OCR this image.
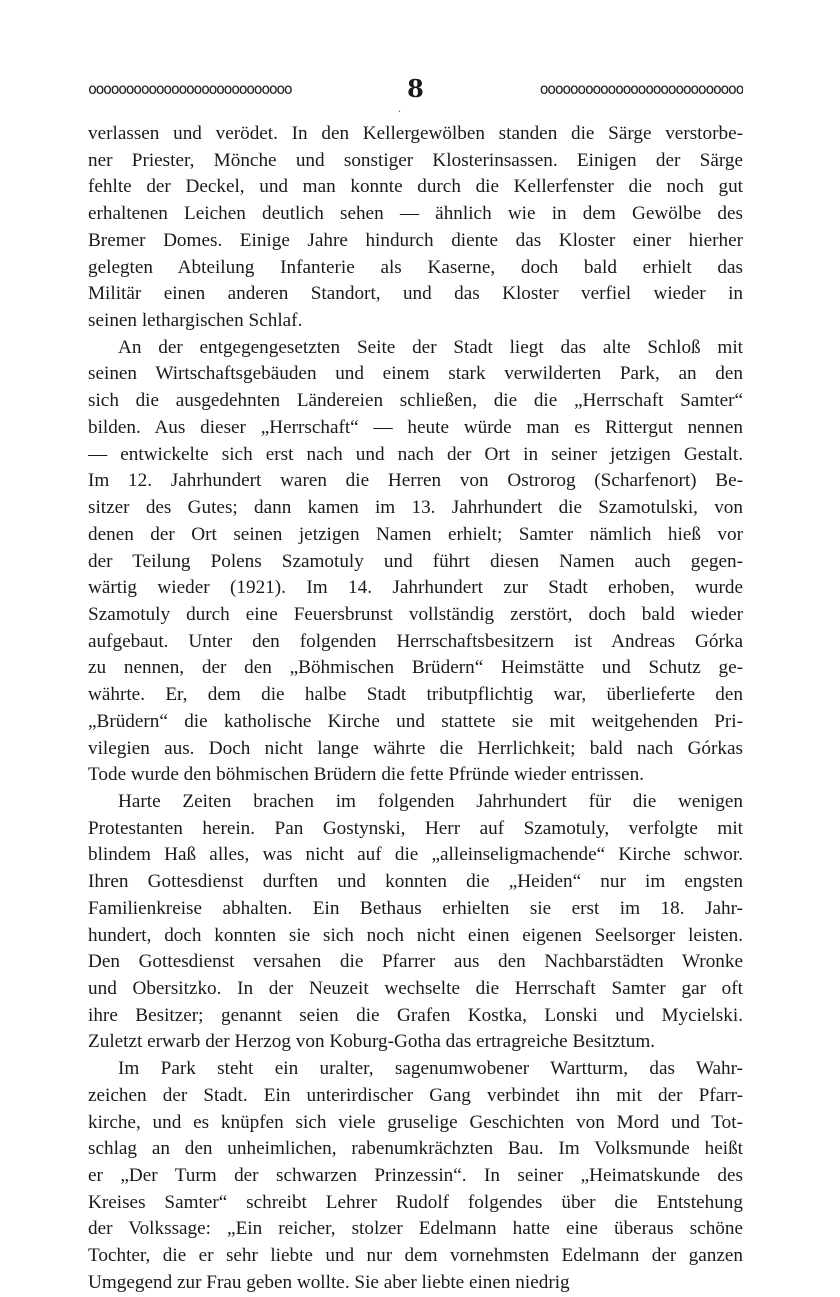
ooooooooooooooooooooooooooo	8	ooooooooooooooooooooooooooo
·
verlassen und verödet. In den Kellergewölben standen die Särge verstorbe-
ner Priester, Mönche und sonstiger Klosterinsassen. Einigen der Särge
fehlte der Deckel, und man konnte durch die Kellerfenster die noch gut
erhaltenen Leichen deutlich sehen — ähnlich wie in dem Gewölbe des
Bremer Domes. Einige Jahre hindurch diente das Kloster einer hierher
gelegten Abteilung Infanterie als Kaserne, doch bald erhielt das
Militär einen anderen Standort, und das Kloster verfiel wieder in
seinen lethargischen Schlaf.
An der entgegengesetzten Seite der Stadt liegt das alte Schloß mit
seinen Wirtschaftsgebäuden und einem stark verwilderten Park, an den
sich die ausgedehnten Ländereien schließen, die die „Herrschaft Samter“
bilden. Aus dieser „Herrschaft“ — heute würde man es Rittergut nennen
— entwickelte sich erst nach und nach der Ort in seiner jetzigen Gestalt.
Im 12. Jahrhundert waren die Herren von Ostrorog (Scharfenort) Be-
sitzer des Gutes; dann kamen im 13. Jahrhundert die Szamotulski, von
denen der Ort seinen jetzigen Namen erhielt; Samter nämlich hieß vor
der Teilung Polens Szamotuly und führt diesen Namen auch gegen-
wärtig wieder (1921). Im 14. Jahrhundert zur Stadt erhoben, wurde
Szamotuly durch eine Feuersbrunst vollständig zerstört, doch bald wieder
aufgebaut. Unter den folgenden Herrschaftsbesitzern ist Andreas Górka
zu nennen, der den „Böhmischen Brüdern“ Heimstätte und Schutz ge-
währte. Er, dem die halbe Stadt tributpflichtig war, überlieferte den
„Brüdern“ die katholische Kirche und stattete sie mit weitgehenden Pri-
vilegien aus. Doch nicht lange währte die Herrlichkeit; bald nach Górkas
Tode wurde den böhmischen Brüdern die fette Pfründe wieder entrissen.
Harte Zeiten brachen im folgenden Jahrhundert für die wenigen
Protestanten herein. Pan Gostynski, Herr auf Szamotuly, verfolgte mit
blindem Haß alles, was nicht auf die „alleinseligmachende“ Kirche schwor.
Ihren Gottesdienst durften und konnten die „Heiden“ nur im engsten
Familienkreise abhalten. Ein Bethaus erhielten sie erst im 18. Jahr-
hundert, doch konnten sie sich noch nicht einen eigenen Seelsorger leisten.
Den Gottesdienst versahen die Pfarrer aus den Nachbarstädten Wronke
und Obersitzko. In der Neuzeit wechselte die Herrschaft Samter gar oft
ihre Besitzer; genannt seien die Grafen Kostka, Lonski und Mycielski.
Zuletzt erwarb der Herzog von Koburg-Gotha das ertragreiche Besitztum.
Im Park steht ein uralter, sagenumwobener Wartturm, das Wahr-
zeichen der Stadt. Ein unterirdischer Gang verbindet ihn mit der Pfarr-
kirche, und es knüpfen sich viele gruselige Geschichten von Mord und Tot-
schlag an den unheimlichen, rabenumkrächzten Bau. Im Volksmunde heißt
er „Der Turm der schwarzen Prinzessin“. In seiner „Heimatskunde des
Kreises Samter“ schreibt Lehrer Rudolf folgendes über die Entstehung
der Volkssage: „Ein reicher, stolzer Edelmann hatte eine überaus schöne
Tochter, die er sehr liebte und nur dem vornehmsten Edelmann der ganzen
Umgegend zur Frau geben wollte. Sie aber liebte einen niedrig
